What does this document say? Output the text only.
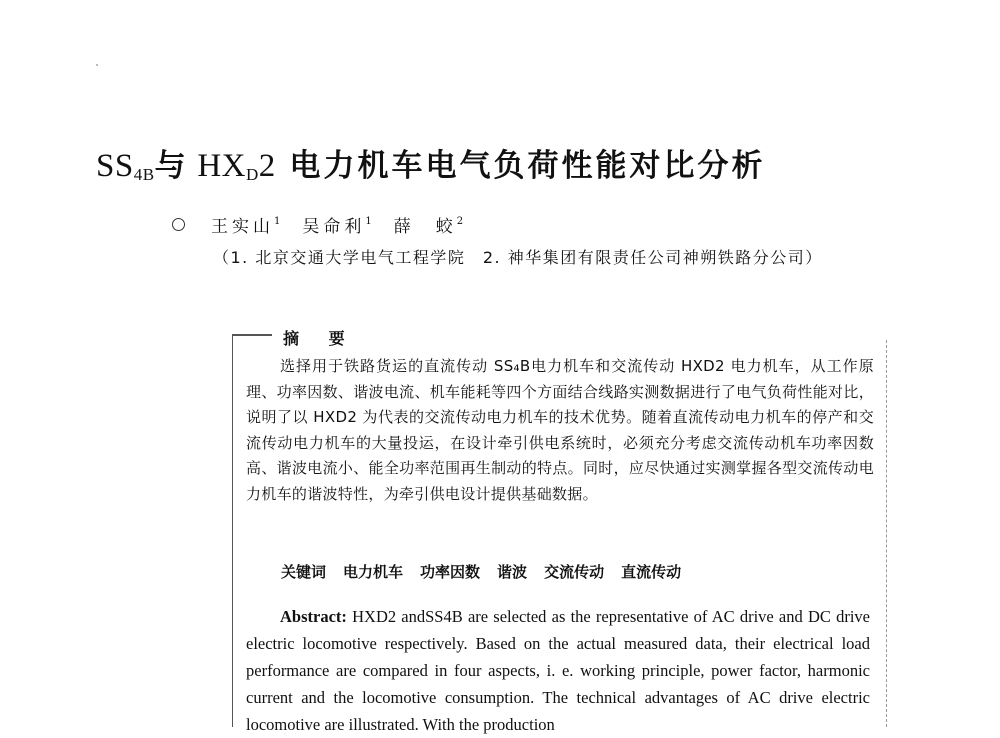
$SS_{4B}$与 $HX_D2$ 电力机车电气负荷性能对比分析
王实山$^1$ 吴命利$^1$ 薛　蛟$^2$
（1. 北京交通大学电气工程学院　2. 神华集团有限责任公司神朔铁路分公司）
摘 要

选择用于铁路货运的直流传动 SS₄B电力机车和交流传动 HXD2 电力机车，从工作原理、功率因数、谐波电流、机车能耗等四个方面结合线路实测数据进行了电气负荷性能对比，说明了以 HXD2 为代表的交流传动电力机车的技术优势。随着直流传动电力机车的停产和交流传动电力机车的大量投运，在设计牵引供电系统时，必须充分考虑交流传动机车功率因数高、谐波电流小、能全功率范围再生制动的特点。同时，应尽快通过实测掌握各型交流传动电力机车的谐波特性，为牵引供电设计提供基础数据。

关键词 电力机车 功率因数 谐波 交流传动 直流传动

Abstract: HXD2 andSS4B are selected as the representative of AC drive and DC drive electric locomotive respectively. Based on the actual measured data, their electrical load performance are compared in four aspects, i. e. working principle, power factor, harmonic current and the locomotive consumption. The technical advantages of AC drive electric locomotive are illustrated. With the production
